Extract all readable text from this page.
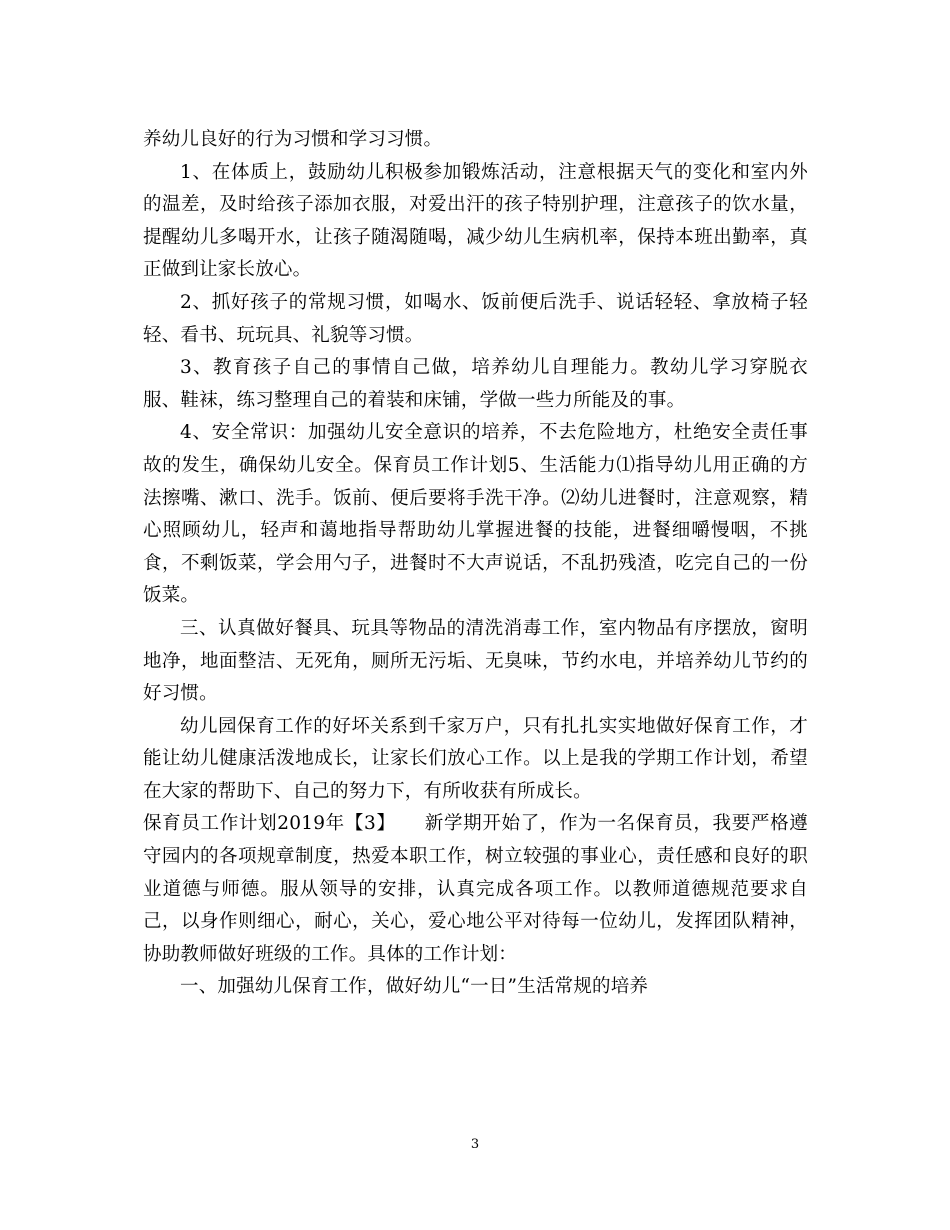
养幼儿良好的行为习惯和学习习惯。

1、在体质上，鼓励幼儿积极参加锻炼活动，注意根据天气的变化和室内外的温差，及时给孩子添加衣服，对爱出汗的孩子特别护理，注意孩子的饮水量，提醒幼儿多喝开水，让孩子随渴随喝，减少幼儿生病机率，保持本班出勤率，真正做到让家长放心。

2、抓好孩子的常规习惯，如喝水、饭前便后洗手、说话轻轻、拿放椅子轻轻、看书、玩玩具、礼貌等习惯。

3、教育孩子自己的事情自己做，培养幼儿自理能力。教幼儿学习穿脱衣服、鞋袜，练习整理自己的着装和床铺，学做一些力所能及的事。

4、安全常识：加强幼儿安全意识的培养，不去危险地方，杜绝安全责任事故的发生，确保幼儿安全。保育员工作计划5、生活能力⑴指导幼儿用正确的方法擦嘴、漱口、洗手。饭前、便后要将手洗干净。⑵幼儿进餐时，注意观察，精心照顾幼儿，轻声和蔼地指导帮助幼儿掌握进餐的技能，进餐细嚼慢咽，不挑食，不剩饭菜，学会用勺子，进餐时不大声说话，不乱扔残渣，吃完自己的一份饭菜。

三、认真做好餐具、玩具等物品的清洗消毒工作，室内物品有序摆放，窗明地净，地面整洁、无死角，厕所无污垢、无臭味，节约水电，并培养幼儿节约的好习惯。

幼儿园保育工作的好坏关系到千家万户，只有扎扎实实地做好保育工作，才能让幼儿健康活泼地成长，让家长们放心工作。以上是我的学期工作计划，希望在大家的帮助下、自己的努力下，有所收获有所成长。

保育员工作计划2019年【3】　　新学期开始了，作为一名保育员，我要严格遵守园内的各项规章制度，热爱本职工作，树立较强的事业心，责任感和良好的职业道德与师德。服从领导的安排，认真完成各项工作。以教师道德规范要求自己，以身作则细心，耐心，关心，爱心地公平对待每一位幼儿，发挥团队精神，协助教师做好班级的工作。具体的工作计划：

一、加强幼儿保育工作，做好幼儿“一日”生活常规的培养

3
